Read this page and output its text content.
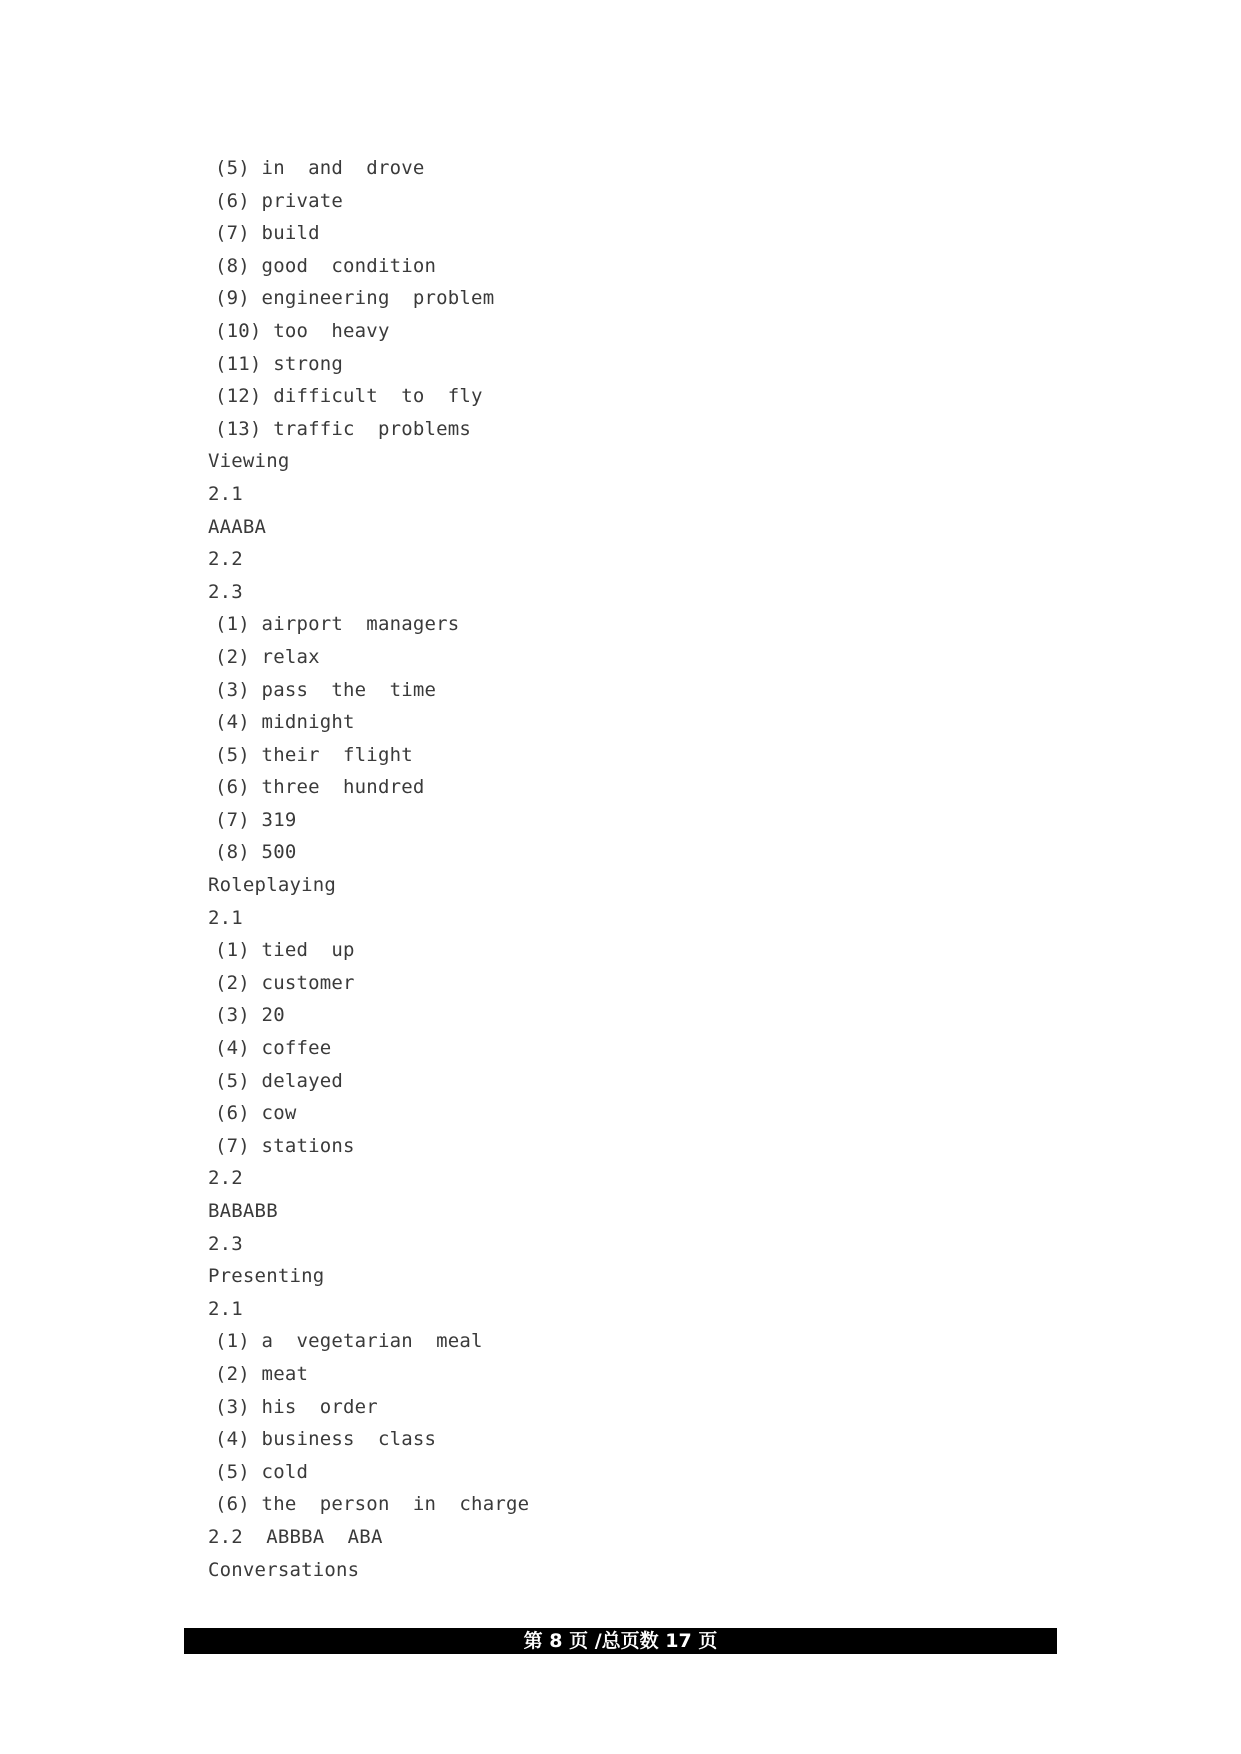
(5) in  and  drove
(6) private
(7) build
(8) good  condition
(9) engineering  problem
(10) too  heavy
(11) strong
(12) difficult  to  fly
(13) traffic  problems
Viewing
2.1
AAABA
2.2
2.3
(1) airport  managers
(2) relax
(3) pass  the  time
(4) midnight
(5) their  flight
(6) three  hundred
(7) 319
(8) 500
Roleplaying
2.1
(1) tied  up
(2) customer
(3) 20
(4) coffee
(5) delayed
(6) cow
(7) stations
2.2
BABABB
2.3
Presenting
2.1
(1) a  vegetarian  meal
(2) meat
(3) his  order
(4) business  class
(5) cold
(6) the  person  in  charge
2.2  ABBBA  ABA
Conversations
第 8 页 /总页数 17 页
